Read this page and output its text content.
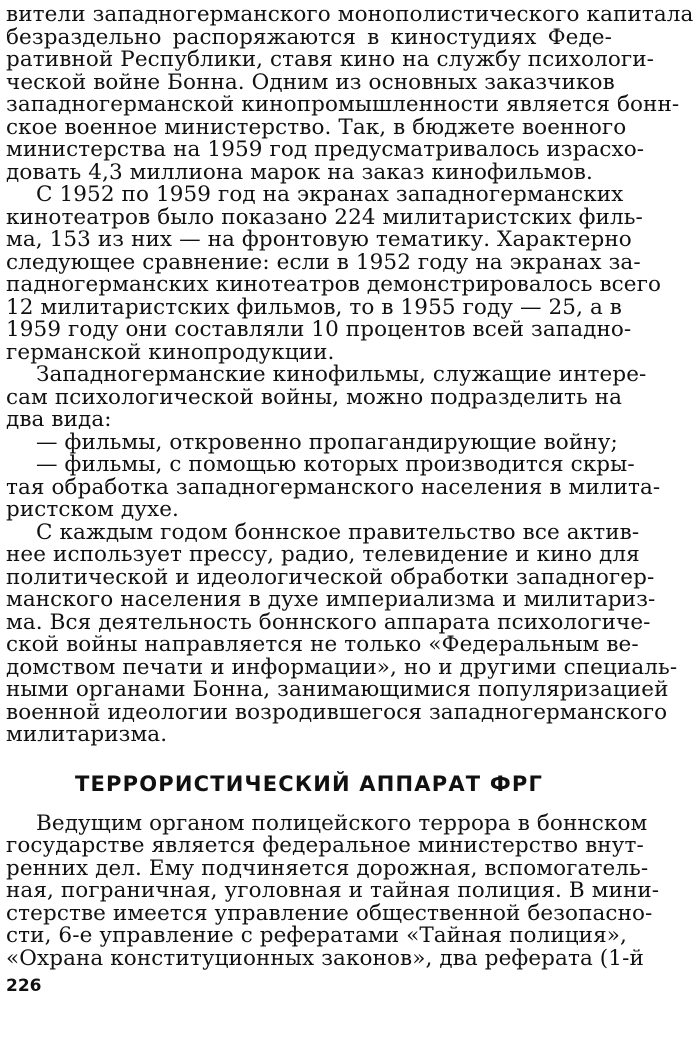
вители западногерманского монополистического капитала
безраздельно распоряжаются в киностудиях Феде-
ративной Республики, ставя кино на службу психологи-
ческой войне Бонна. Одним из основных заказчиков
западногерманской кинопромышленности является бонн-
ское военное министерство. Так, в бюджете военного
министерства на 1959 год предусматривалось израсхо-
довать 4,3 миллиона марок на заказ кинофильмов.
С 1952 по 1959 год на экранах западногерманских
кинотеатров было показано 224 милитаристских филь-
ма, 153 из них — на фронтовую тематику. Характерно
следующее сравнение: если в 1952 году на экранах за-
падногерманских кинотеатров демонстрировалось всего
12 милитаристских фильмов, то в 1955 году — 25, а в
1959 году они составляли 10 процентов всей западно-
германской кинопродукции.
Западногерманские кинофильмы, служащие интере-
сам психологической войны, можно подразделить на
два вида:
— фильмы, откровенно пропагандирующие войну;
— фильмы, с помощью которых производится скры-
тая обработка западногерманского населения в милита-
ристском духе.
С каждым годом боннское правительство все актив-
нее использует прессу, радио, телевидение и кино для
политической и идеологической обработки западногер-
манского населения в духе империализма и милитариз-
ма. Вся деятельность боннского аппарата психологиче-
ской войны направляется не только «Федеральным ве-
домством печати и информации», но и другими специаль-
ными органами Бонна, занимающимися популяризацией
военной идеологии возродившегося западногерманского
ТЕРРОРИСТИЧЕСКИЙ АППАРАТ ФРГ
Ведущим органом полицейского террора в боннском
государстве является федеральное министерство внут-
ренних дел. Ему подчиняется дорожная, вспомогатель-
ная, пограничная, уголовная и тайная полиция. В мини-
стерстве имеется управление общественной безопасно-
сти, 6-е управление с рефератами «Тайная полиция»,
226
милитаризма.
«Охрана конституционных законов», два реферата (1-й
